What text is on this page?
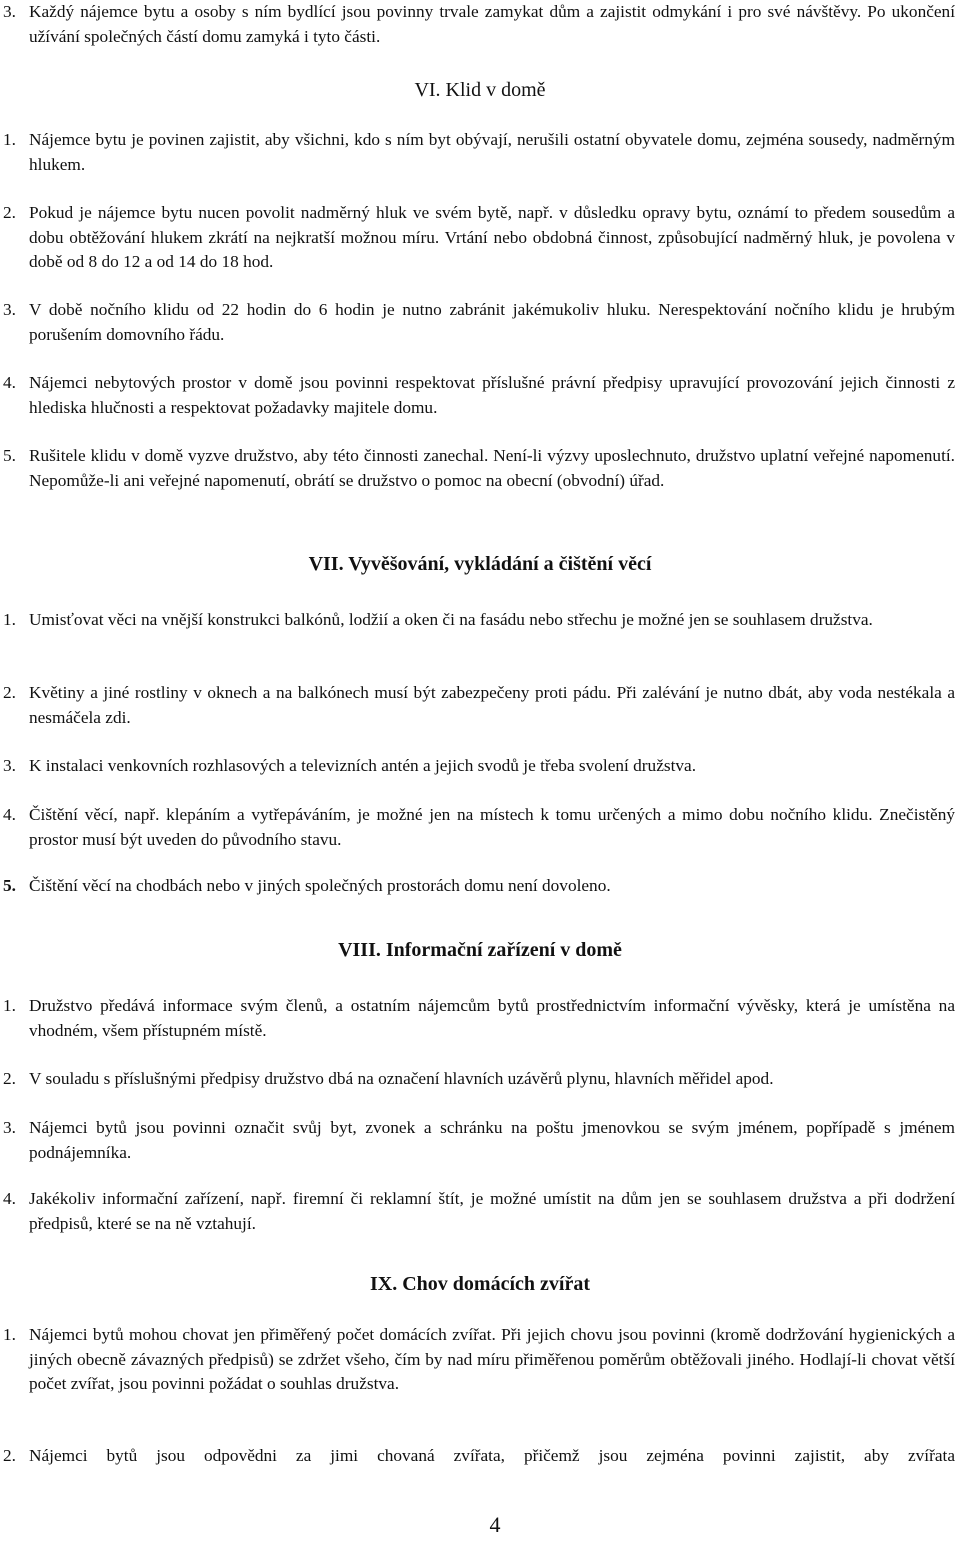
3. Každý nájemce bytu a osoby s ním bydlící jsou povinny trvale zamykat dům a zajistit odmykání i pro své návštěvy. Po ukončení užívání společných částí domu zamyká i tyto části.
VI. Klid v domě
1. Nájemce bytu je povinen zajistit, aby všichni, kdo s ním byt obývají, nerušili ostatní obyvatele domu, zejména sousedy, nadměrným hlukem.
2. Pokud je nájemce bytu nucen povolit nadměrný hluk ve svém bytě, např. v důsledku opravy bytu, oznámí to předem sousedům a dobu obtěžování hlukem zkrátí na nejkratší možnou míru. Vrtání nebo obdobná činnost, způsobující nadměrný hluk, je povolena v době od 8 do 12 a od 14 do 18 hod.
3. V době nočního klidu od 22 hodin do 6 hodin je nutno zabránit jakémukoliv hluku. Nerespektování nočního klidu je hrubým porušením domovního řádu.
4. Nájemci nebytových prostor v domě jsou povinni respektovat příslušné právní předpisy upravující provozování jejich činnosti z hlediska hlučnosti a respektovat požadavky majitele domu.
5. Rušitele klidu v domě vyzve družstvo, aby této činnosti zanechal. Není-li výzvy uposlechnuto, družstvo uplatní veřejné napomenutí. Nepomůže-li ani veřejné napomenutí, obrátí se družstvo o pomoc na obecní (obvodní) úřad.
VII. Vyvěšování, vykládání a čištění věcí
1. Umisťovat věci na vnější konstrukci balkónů, lodžií a oken či na fasádu nebo střechu je možné jen se souhlasem družstva.
2. Květiny a jiné rostliny v oknech a na balkónech musí být zabezpečeny proti pádu. Při zalévání je nutno dbát, aby voda nestékala a nesmáčela zdi.
3. K instalaci venkovních rozhlasových a televizních antén a jejich svodů je třeba svolení družstva.
4. Čištění věcí, např. klepáním a vytřepáváním, je možné jen na místech k tomu určených a mimo dobu nočního klidu. Znečistěný prostor musí být uveden do původního stavu.
5. Čištění věcí na chodbách nebo v jiných společných prostorách domu není dovoleno.
VIII. Informační zařízení v domě
1. Družstvo předává informace svým členů, a ostatním nájemcům bytů prostřednictvím informační vývěsky, která je umístěna na vhodném, všem přístupném místě.
2. V souladu s příslušnými předpisy družstvo dbá na označení hlavních uzávěrů plynu, hlavních měřidel apod.
3. Nájemci bytů jsou povinni označit svůj byt, zvonek a schránku na poštu jmenovkou se svým jménem, popřípadě s jménem podnájemníka.
4. Jakékoliv informační zařízení, např. firemní či reklamní štít, je možné umístit na dům jen se souhlasem družstva a při dodržení předpisů, které se na ně vztahují.
IX. Chov domácích zvířat
1. Nájemci bytů mohou chovat jen přiměřený počet domácích zvířat. Při jejich chovu jsou povinni (kromě dodržování hygienických a jiných obecně závazných předpisů) se zdržet všeho, čím by nad míru přiměřenou poměrům obtěžovali jiného. Hodlají-li chovat větší počet zvířat, jsou povinni požádat o souhlas družstva.
2. Nájemci bytů jsou odpovědni za jimi chovaná zvířata, přičemž jsou zejména povinni zajistit, aby zvířata
4
